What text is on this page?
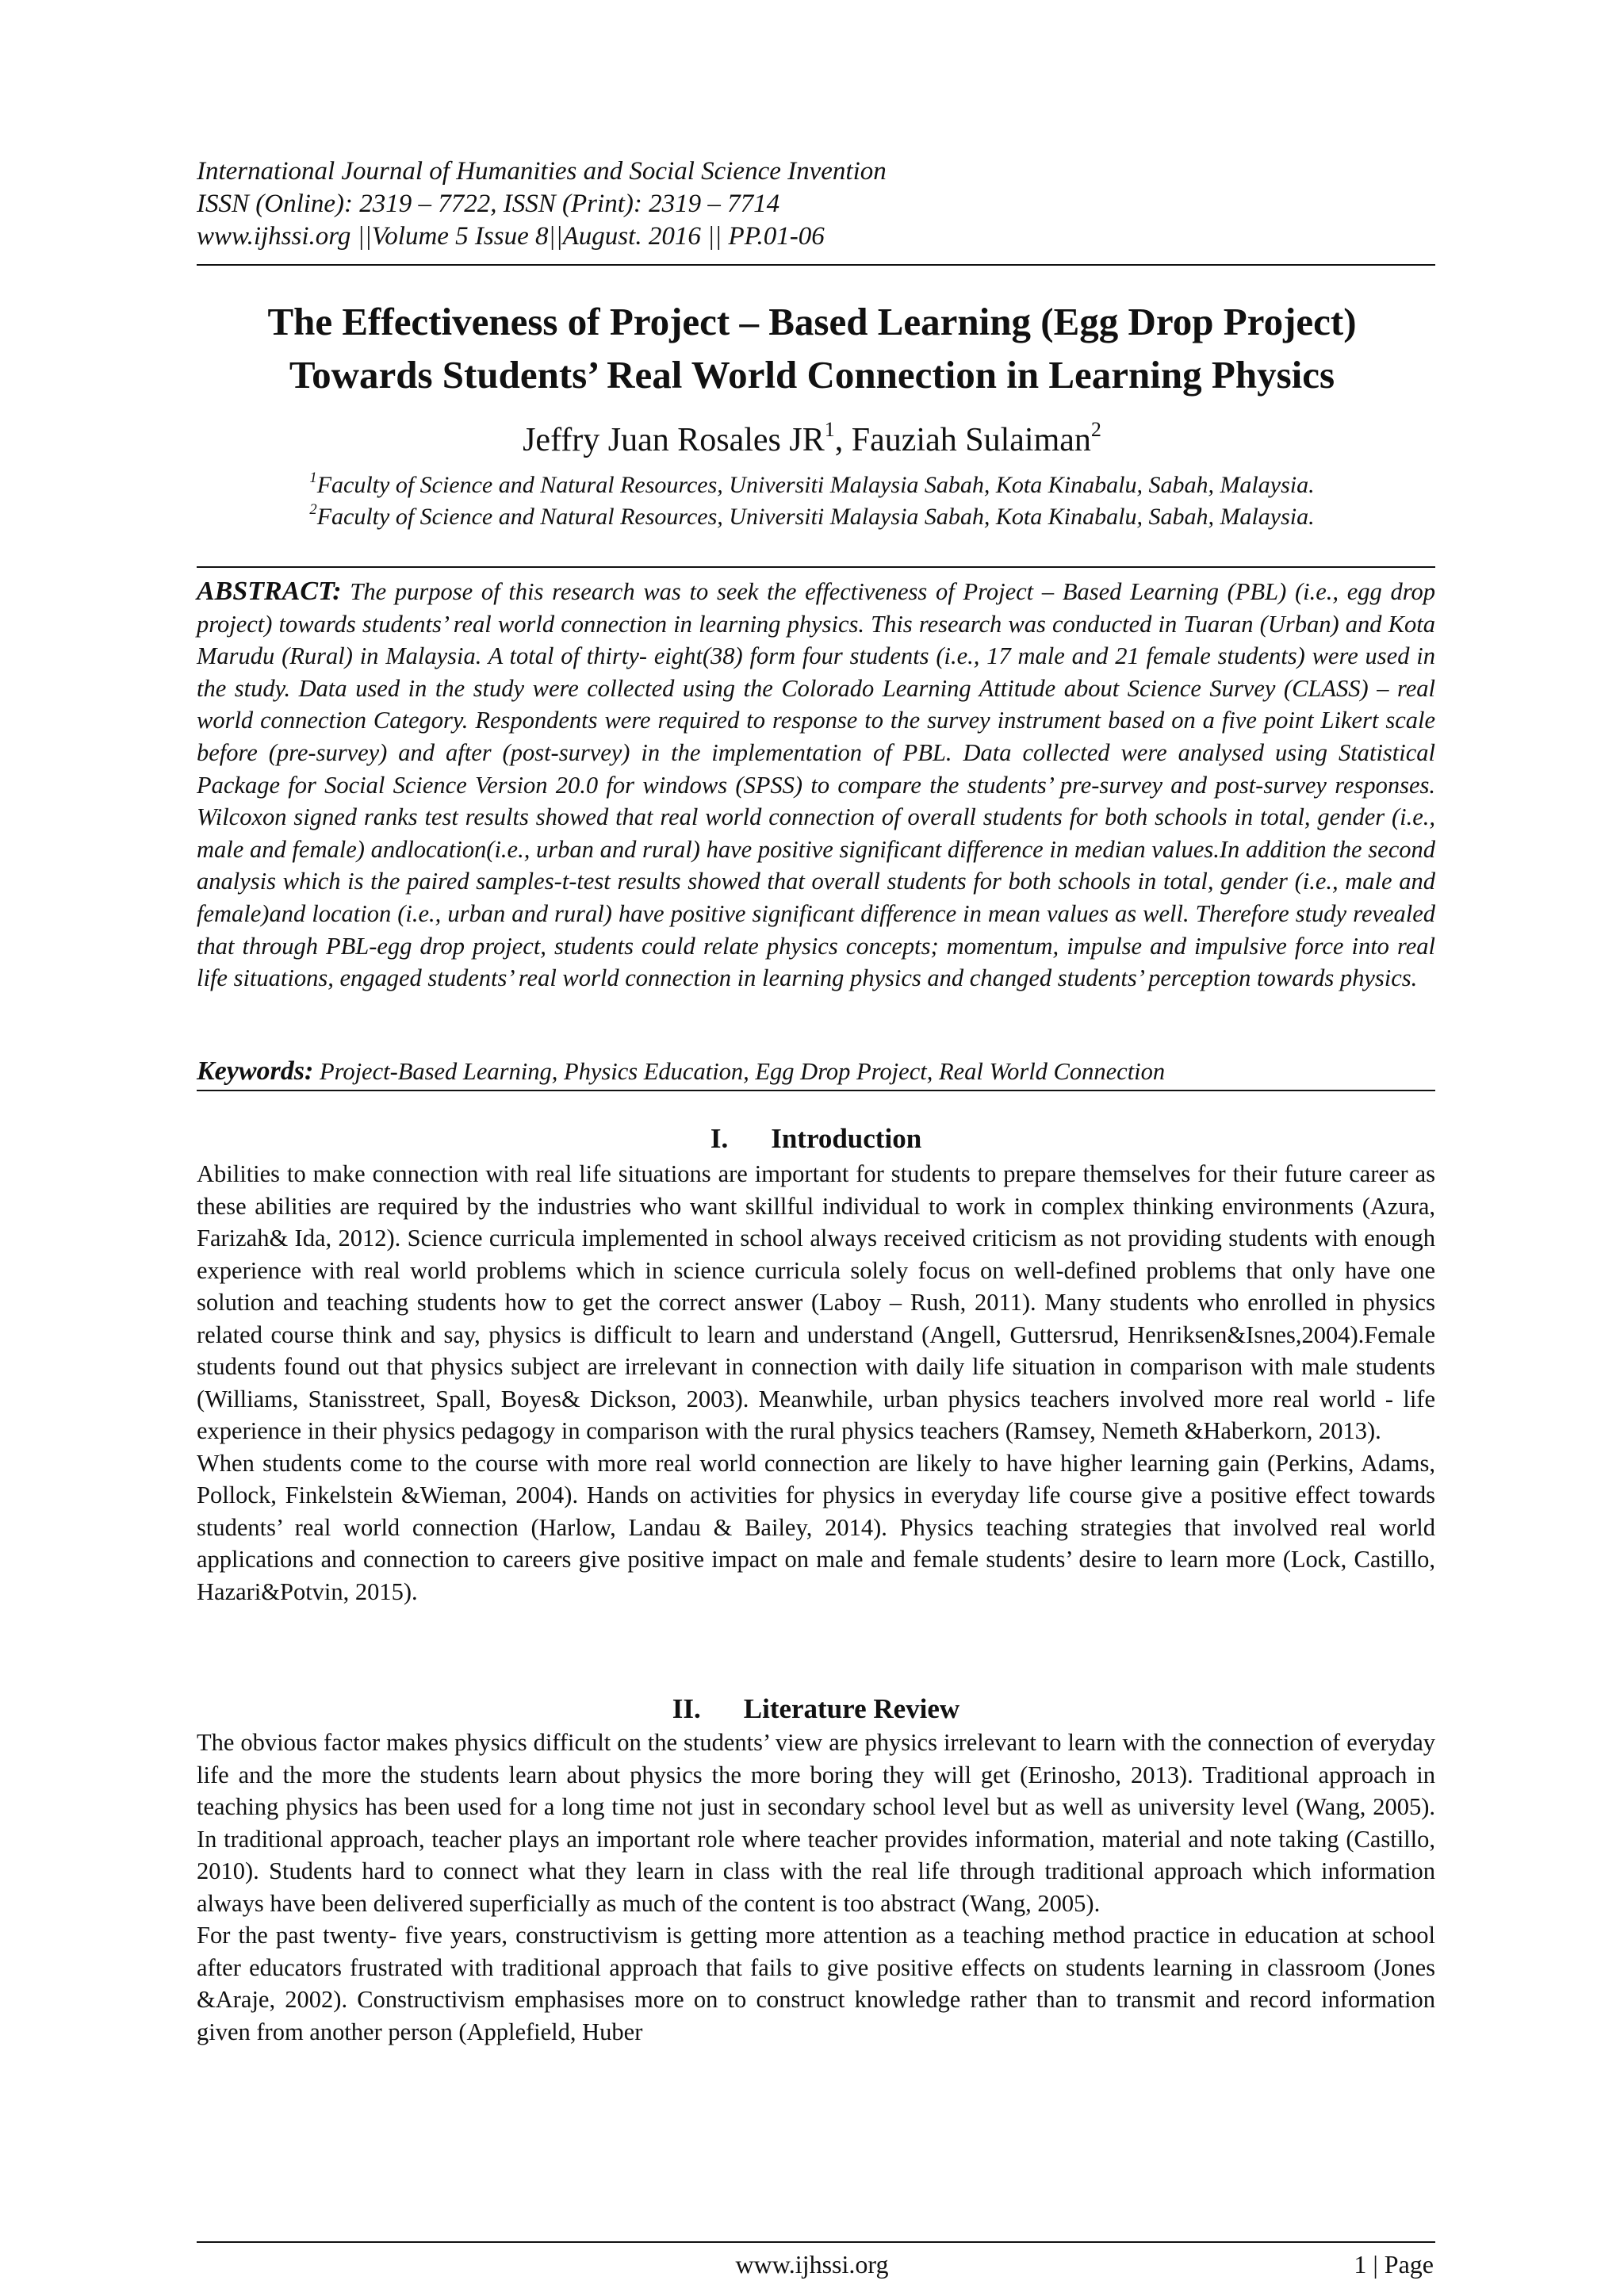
International Journal of Humanities and Social Science Invention
ISSN (Online): 2319 – 7722, ISSN (Print): 2319 – 7714
www.ijhssi.org ||Volume 5 Issue 8||August. 2016 || PP.01-06
The Effectiveness of Project – Based Learning (Egg Drop Project)
Towards Students’ Real World Connection in Learning Physics
Jeffry Juan Rosales $JR^1$, Fauziah Sulaiman$^2$
$^1$Faculty of Science and Natural Resources, Universiti Malaysia Sabah, Kota Kinabalu, Sabah, Malaysia.
$^2$Faculty of Science and Natural Resources, Universiti Malaysia Sabah, Kota Kinabalu, Sabah, Malaysia.
ABSTRACT: The purpose of this research was to seek the effectiveness of Project – Based Learning (PBL) (i.e., egg drop project) towards students’ real world connection in learning physics. This research was conducted in Tuaran (Urban) and Kota Marudu (Rural) in Malaysia. A total of thirty- eight(38) form four students (i.e., 17 male and 21 female students) were used in the study. Data used in the study were collected using the Colorado Learning Attitude about Science Survey (CLASS) – real world connection Category. Respondents were required to response to the survey instrument based on a five point Likert scale before (pre-survey) and after (post-survey) in the implementation of PBL. Data collected were analysed using Statistical Package for Social Science Version 20.0 for windows (SPSS) to compare the students’ pre-survey and post-survey responses. Wilcoxon signed ranks test results showed that real world connection of overall students for both schools in total, gender (i.e., male and female) andlocation(i.e., urban and rural) have positive significant difference in median values.In addition the second analysis which is the paired samples-t-test results showed that overall students for both schools in total, gender (i.e., male and female)and location (i.e., urban and rural) have positive significant difference in mean values as well. Therefore study revealed that through PBL-egg drop project, students could relate physics concepts; momentum, impulse and impulsive force into real life situations, engaged students’ real world connection in learning physics and changed students’ perception towards physics.
Keywords: Project-Based Learning, Physics Education, Egg Drop Project, Real World Connection
I. Introduction

Abilities to make connection with real life situations are important for students to prepare themselves for their future career as these abilities are required by the industries who want skillful individual to work in complex thinking environments (Azura, Farizah& Ida, 2012). Science curricula implemented in school always received criticism as not providing students with enough experience with real world problems which in science curricula solely focus on well-defined problems that only have one solution and teaching students how to get the correct answer (Laboy – Rush, 2011). Many students who enrolled in physics related course think and say, physics is difficult to learn and understand (Angell, Guttersrud, Henriksen&Isnes,2004).Female students found out that physics subject are irrelevant in connection with daily life situation in comparison with male students (Williams, Stanisstreet, Spall, Boyes& Dickson, 2003). Meanwhile, urban physics teachers involved more real world - life experience in their physics pedagogy in comparison with the rural physics teachers (Ramsey, Nemeth &Haberkorn, 2013).

When students come to the course with more real world connection are likely to have higher learning gain (Perkins, Adams, Pollock, Finkelstein &Wieman, 2004). Hands on activities for physics in everyday life course give a positive effect towards students’ real world connection (Harlow, Landau & Bailey, 2014). Physics teaching strategies that involved real world applications and connection to careers give positive impact on male and female students’ desire to learn more (Lock, Castillo, Hazari&Potvin, 2015).

II. Literature Review

The obvious factor makes physics difficult on the students’ view are physics irrelevant to learn with the connection of everyday life and the more the students learn about physics the more boring they will get (Erinosho, 2013). Traditional approach in teaching physics has been used for a long time not just in secondary school level but as well as university level (Wang, 2005). In traditional approach, teacher plays an important role where teacher provides information, material and note taking (Castillo, 2010). Students hard to connect what they learn in class with the real life through traditional approach which information always have been delivered superficially as much of the content is too abstract (Wang, 2005).

For the past twenty- five years, constructivism is getting more attention as a teaching method practice in education at school after educators frustrated with traditional approach that fails to give positive effects on students learning in classroom (Jones &Araje, 2002). Constructivism emphasises more on to construct knowledge rather than to transmit and record information given from another person (Applefield, Huber

www.ijhssi.org	1 | Page
